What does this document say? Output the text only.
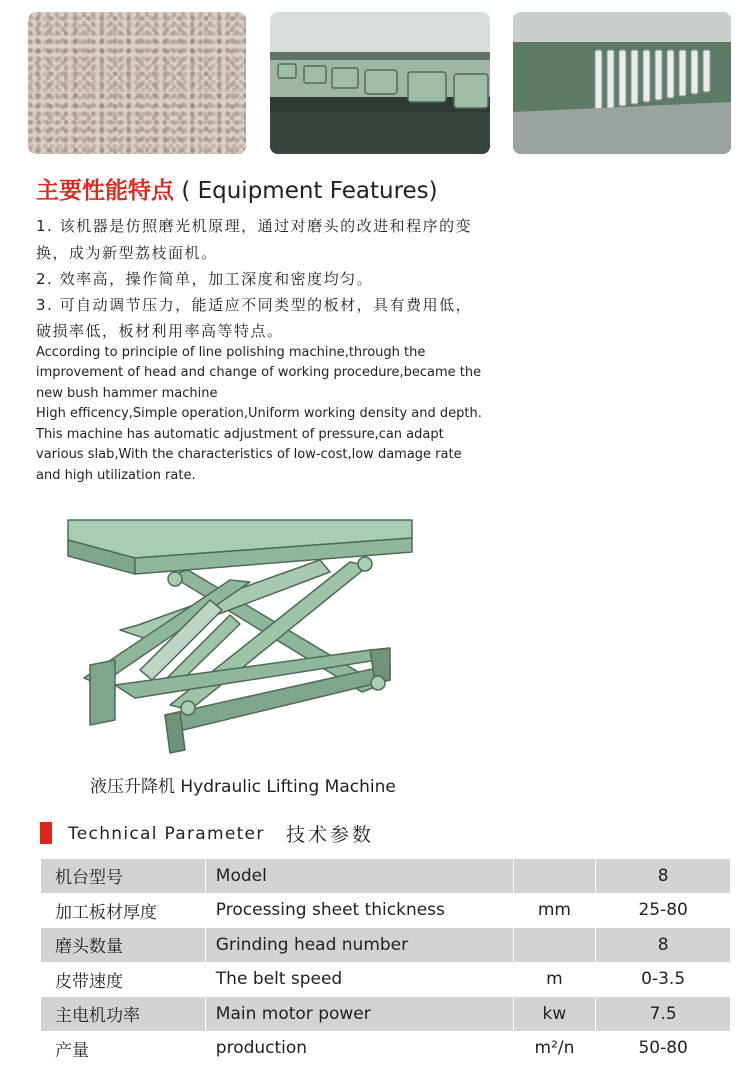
主要性能特点 ( Equipment Features)
1. 该机器是仿照磨光机原理，通过对磨头的改进和程序的变
换，成为新型荔枝面机。
2. 效率高，操作简单，加工深度和密度均匀。
3. 可自动调节压力，能适应不同类型的板材，具有费用低，
破损率低，板材利用率高等特点。
According to principle of line polishing machine,through the
improvement of head and change of working procedure,became the
new bush hammer machine
High efficency,Simple operation,Uniform working density and depth.
This machine has automatic adjustment of pressure,can adapt
various slab,With the characteristics of low-cost,low damage rate
and high utilization rate.
液压升降机 Hydraulic Lifting Machine
Technical Parameter 技术参数
机台型号	Model		8
加工板材厚度	Processing sheet thickness	mm	25-80
磨头数量	Grinding head number		8
皮带速度	The belt speed	m	0-3.5
主电机功率	Main motor power	kw	7.5
产量	production	m²/n	50-80
